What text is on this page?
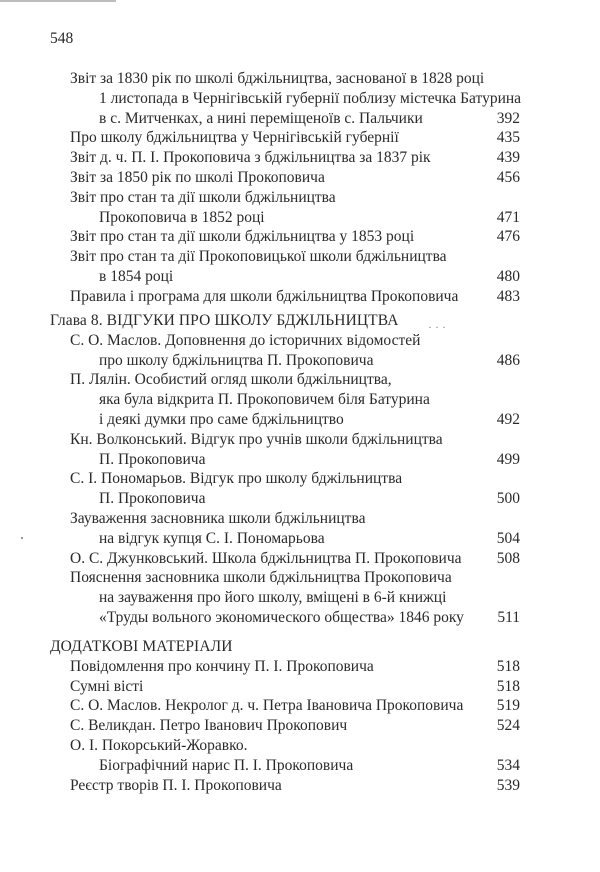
548
Звіт за 1830 рік по школі бджільництва, заснованої в 1828 році
1 листопада в Чернігівській губернії поблизу містечка Батурина
в с. Митченках, а нині переміщеноїв с. Пальчики	392
Про школу бджільництва у Чернігівській губернії	435
Звіт д. ч. П. І. Прокоповича з бджільництва за 1837 рік	439
Звіт за 1850 рік по школі Прокоповича	456
Звіт про стан та дії школи бджільництва
Прокоповича в 1852 році	471
Звіт про стан та дії школи бджільництва у 1853 році	476
Звіт про стан та дії Прокоповицької школи бджільництва
в 1854 році	480
Правила і програма для школи бджільництва Прокоповича	483
Глава 8. ВІДГУКИ ПРО ШКОЛУ БДЖІЛЬНИЦТВА
С. О. Маслов. Доповнення до історичних відомостей
про школу бджільництва П. Прокоповича	486
П. Лялін. Особистий огляд школи бджільництва,
яка була відкрита П. Прокоповичем біля Батурина
і деякі думки про саме бджільництво	492
Кн. Волконський. Відгук про учнів школи бджільництва
П. Прокоповича	499
С. І. Пономарьов. Відгук про школу бджільництва
П. Прокоповича	500
Зауваження засновника школи бджільництва
на відгук купця С. І. Пономарьова	504
О. С. Джунковський. Школа бджільництва П. Прокоповича	508
Пояснення засновника школи бджільництва Прокоповича
на зауваження про його школу, вміщені в 6-й книжці
«Труды вольного экономического общества» 1846 року	511
ДОДАТКОВІ МАТЕРІАЛИ
Повідомлення про кончину П. І. Прокоповича	518
Сумні вісті	518
С. О. Маслов. Некролог д. ч. Петра Івановича Прокоповича	519
С. Великдан. Петро Іванович Прокопович	524
О. І. Покорський-Жоравко.
Біографічний нарис П. І. Прокоповича	534
Реєстр творів П. І. Прокоповича	539
· · ·
